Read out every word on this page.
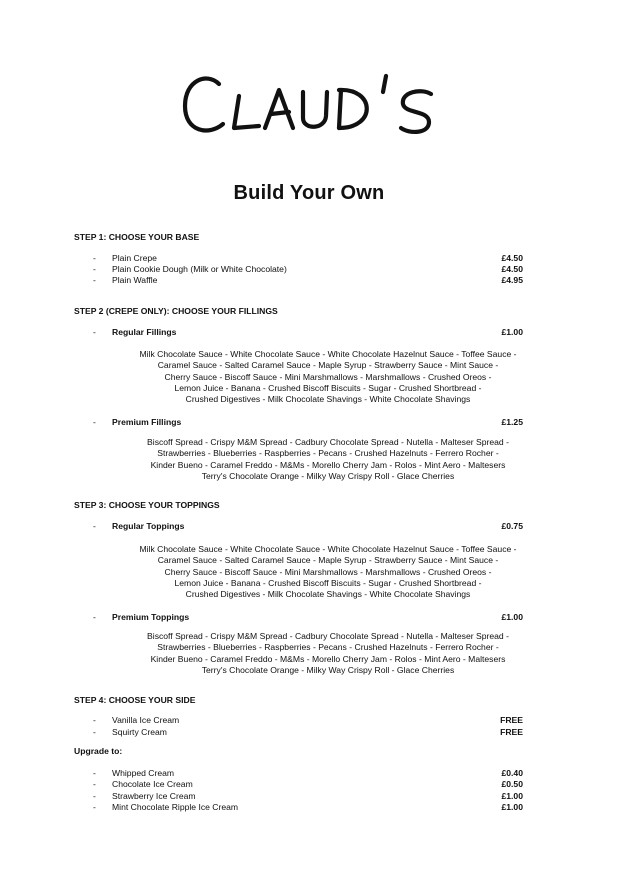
Build Your Own
STEP 1: CHOOSE YOUR BASE
- Plain Crepe	£4.50
- Plain Cookie Dough (Milk or White Chocolate)	£4.50
- Plain Waffle	£4.95
STEP 2 (CREPE ONLY): CHOOSE YOUR FILLINGS
- Regular Fillings	£1.00
Milk Chocolate Sauce - White Chocolate Sauce - White Chocolate Hazelnut Sauce - Toffee Sauce -
Caramel Sauce - Salted Caramel Sauce - Maple Syrup - Strawberry Sauce - Mint Sauce -
Cherry Sauce - Biscoff Sauce - Mini Marshmallows - Marshmallows - Crushed Oreos -
Lemon Juice - Banana - Crushed Biscoff Biscuits - Sugar - Crushed Shortbread -
Crushed Digestives - Milk Chocolate Shavings - White Chocolate Shavings
- Premium Fillings	£1.25
Biscoff Spread - Crispy M&M Spread - Cadbury Chocolate Spread - Nutella - Malteser Spread -
Strawberries - Blueberries - Raspberries - Pecans - Crushed Hazelnuts - Ferrero Rocher -
Kinder Bueno - Caramel Freddo - M&Ms - Morello Cherry Jam - Rolos - Mint Aero - Maltesers
Terry's Chocolate Orange - Milky Way Crispy Roll - Glace Cherries
STEP 3: CHOOSE YOUR TOPPINGS
- Regular Toppings	£0.75
Milk Chocolate Sauce - White Chocolate Sauce - White Chocolate Hazelnut Sauce - Toffee Sauce -
Caramel Sauce - Salted Caramel Sauce - Maple Syrup - Strawberry Sauce - Mint Sauce -
Cherry Sauce - Biscoff Sauce - Mini Marshmallows - Marshmallows - Crushed Oreos -
Lemon Juice - Banana - Crushed Biscoff Biscuits - Sugar - Crushed Shortbread -
Crushed Digestives - Milk Chocolate Shavings - White Chocolate Shavings
- Premium Toppings	£1.00
Biscoff Spread - Crispy M&M Spread - Cadbury Chocolate Spread - Nutella - Malteser Spread -
Strawberries - Blueberries - Raspberries - Pecans - Crushed Hazelnuts - Ferrero Rocher -
Kinder Bueno - Caramel Freddo - M&Ms - Morello Cherry Jam - Rolos - Mint Aero - Maltesers
Terry's Chocolate Orange - Milky Way Crispy Roll - Glace Cherries
STEP 4: CHOOSE YOUR SIDE
- Vanilla Ice Cream	FREE
- Squirty Cream	FREE
Upgrade to:
- Whipped Cream	£0.40
- Chocolate Ice Cream	£0.50
- Strawberry Ice Cream	£1.00
- Mint Chocolate Ripple Ice Cream	£1.00
